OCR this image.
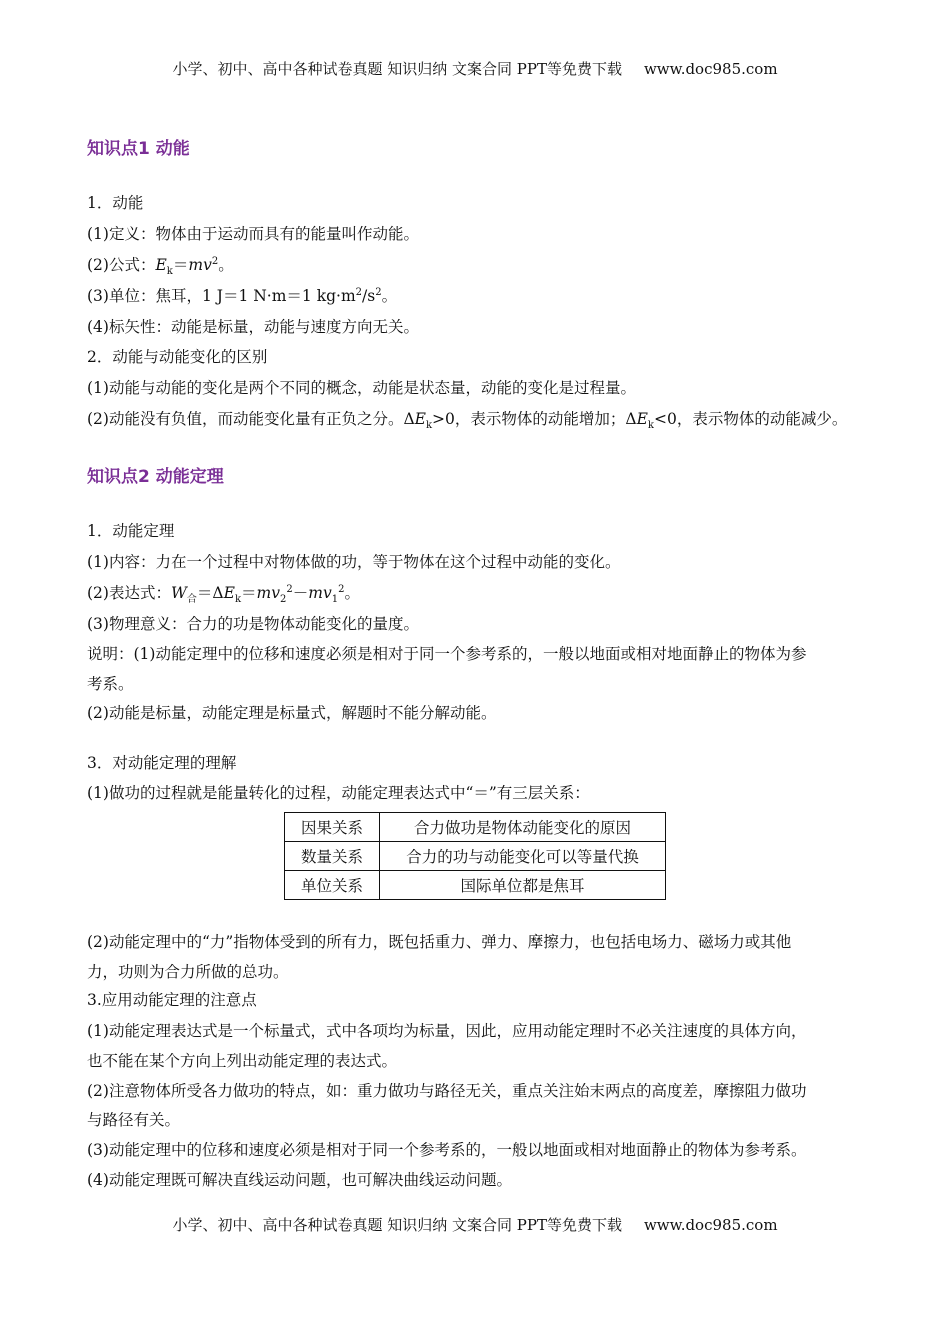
小学、初中、高中各种试卷真题 知识归纳 文案合同 PPT等免费下载 www.doc985.com
知识点1 动能
1．动能
(1)定义：物体由于运动而具有的能量叫作动能。
(2)公式：$E_k=mv^2$。
(3)单位：焦耳，1 J＝1 N·m＝1 $kg\cdot m^2/s^2$。
(4)标矢性：动能是标量，动能与速度方向无关。
2．动能与动能变化的区别
(1)动能与动能的变化是两个不同的概念，动能是状态量，动能的变化是过程量。
(2)动能没有负值，而动能变化量有正负之分。$\Delta E_k>0$，表示物体的动能增加；$\Delta E_k<0$，表示物体的动能减少。
知识点2 动能定理
1．动能定理
(1)内容：力在一个过程中对物体做的功，等于物体在这个过程中动能的变化。
(2)表达式：$W_合=\Delta E_k=mv_2^2-mv_1^2$。
(3)物理意义：合力的功是物体动能变化的量度。
说明：(1)动能定理中的位移和速度必须是相对于同一个参考系的，一般以地面或相对地面静止的物体为参
考系。
(2)动能是标量，动能定理是标量式，解题时不能分解动能。
3．对动能定理的理解
(1)做功的过程就是能量转化的过程，动能定理表达式中“＝”有三层关系：
因果关系	合力做功是物体动能变化的原因
数量关系	合力的功与动能变化可以等量代换
单位关系	国际单位都是焦耳
(2)动能定理中的“力”指物体受到的所有力，既包括重力、弹力、摩擦力，也包括电场力、磁场力或其他
力，功则为合力所做的总功。
3.应用动能定理的注意点
(1)动能定理表达式是一个标量式，式中各项均为标量，因此，应用动能定理时不必关注速度的具体方向，
也不能在某个方向上列出动能定理的表达式。
(2)注意物体所受各力做功的特点，如：重力做功与路径无关，重点关注始末两点的高度差，摩擦阻力做功
与路径有关。
(3)动能定理中的位移和速度必须是相对于同一个参考系的，一般以地面或相对地面静止的物体为参考系。
(4)动能定理既可解决直线运动问题，也可解决曲线运动问题。
小学、初中、高中各种试卷真题 知识归纳 文案合同 PPT等免费下载 www.doc985.com
